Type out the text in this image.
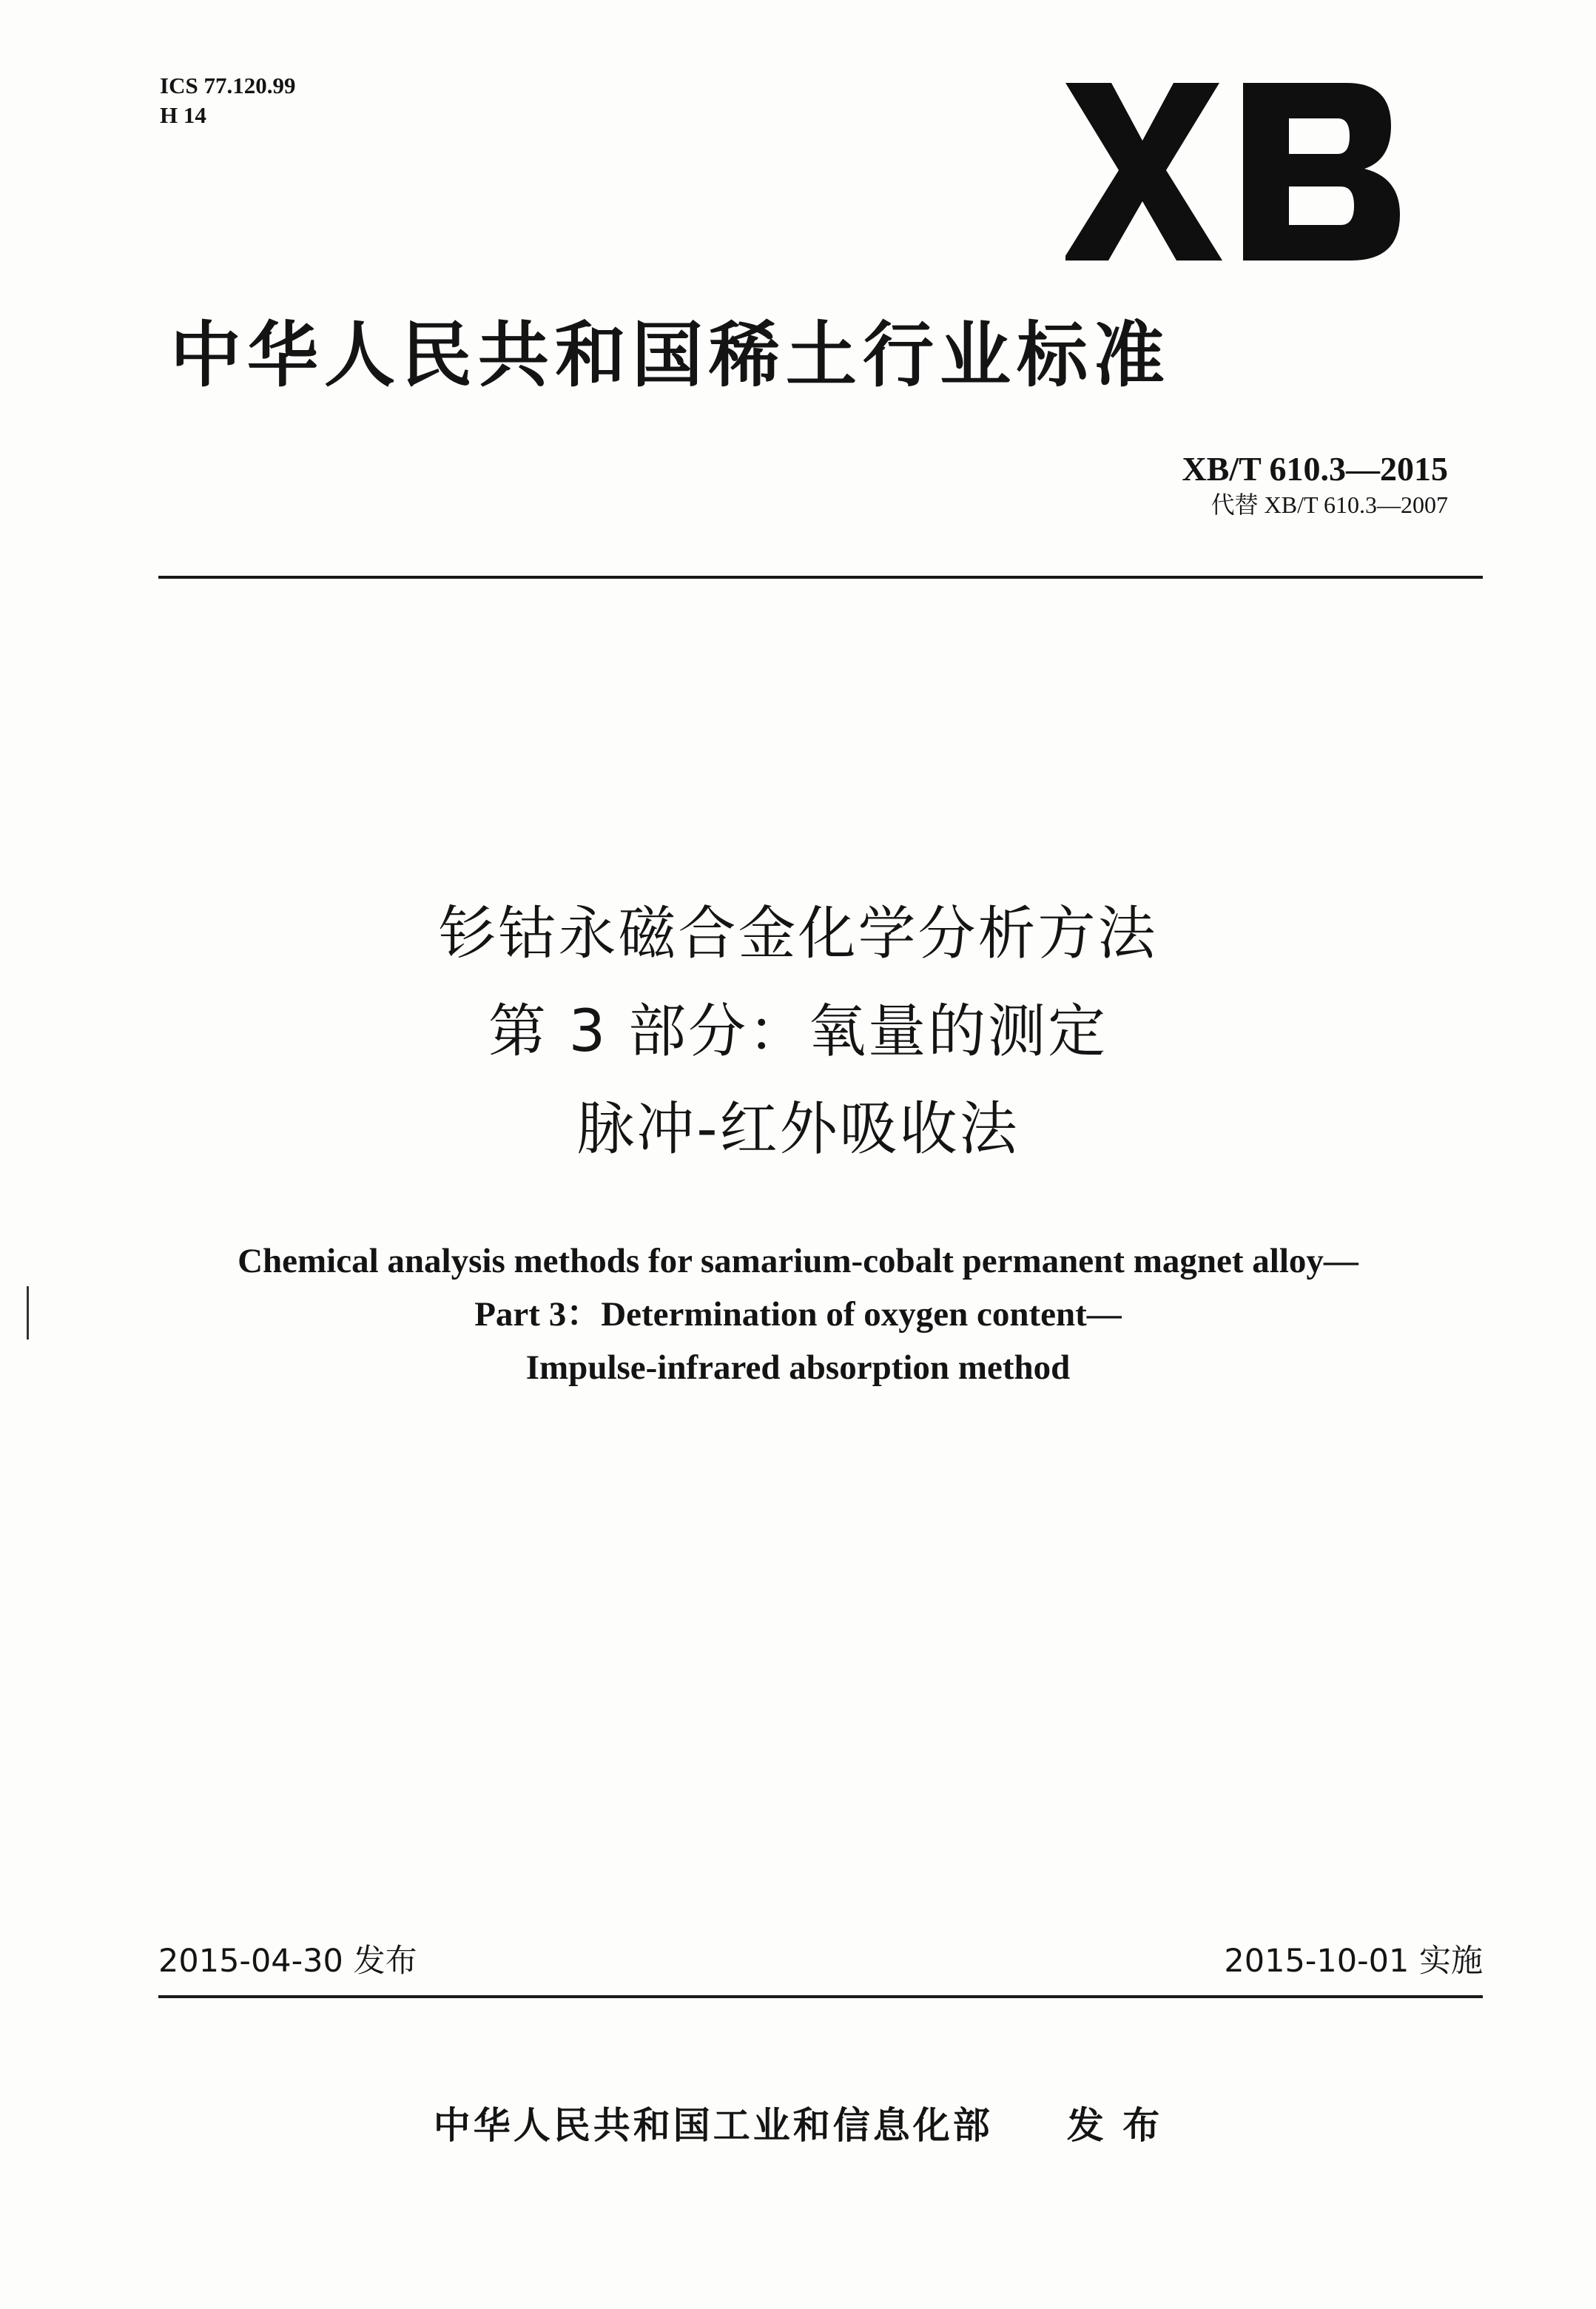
ICS 77.120.99
H 14
中华人民共和国稀土行业标准
XB/T 610.3—2015
代替 XB/T 610.3—2007
钐钴永磁合金化学分析方法
第 3 部分：氧量的测定
脉冲-红外吸收法
Chemical analysis methods for samarium-cobalt permanent magnet alloy—
Part 3：Determination of oxygen content—
Impulse-infrared absorption method
2015-04-30 发布	2015-10-01 实施
中华人民共和国工业和信息化部 发 布
